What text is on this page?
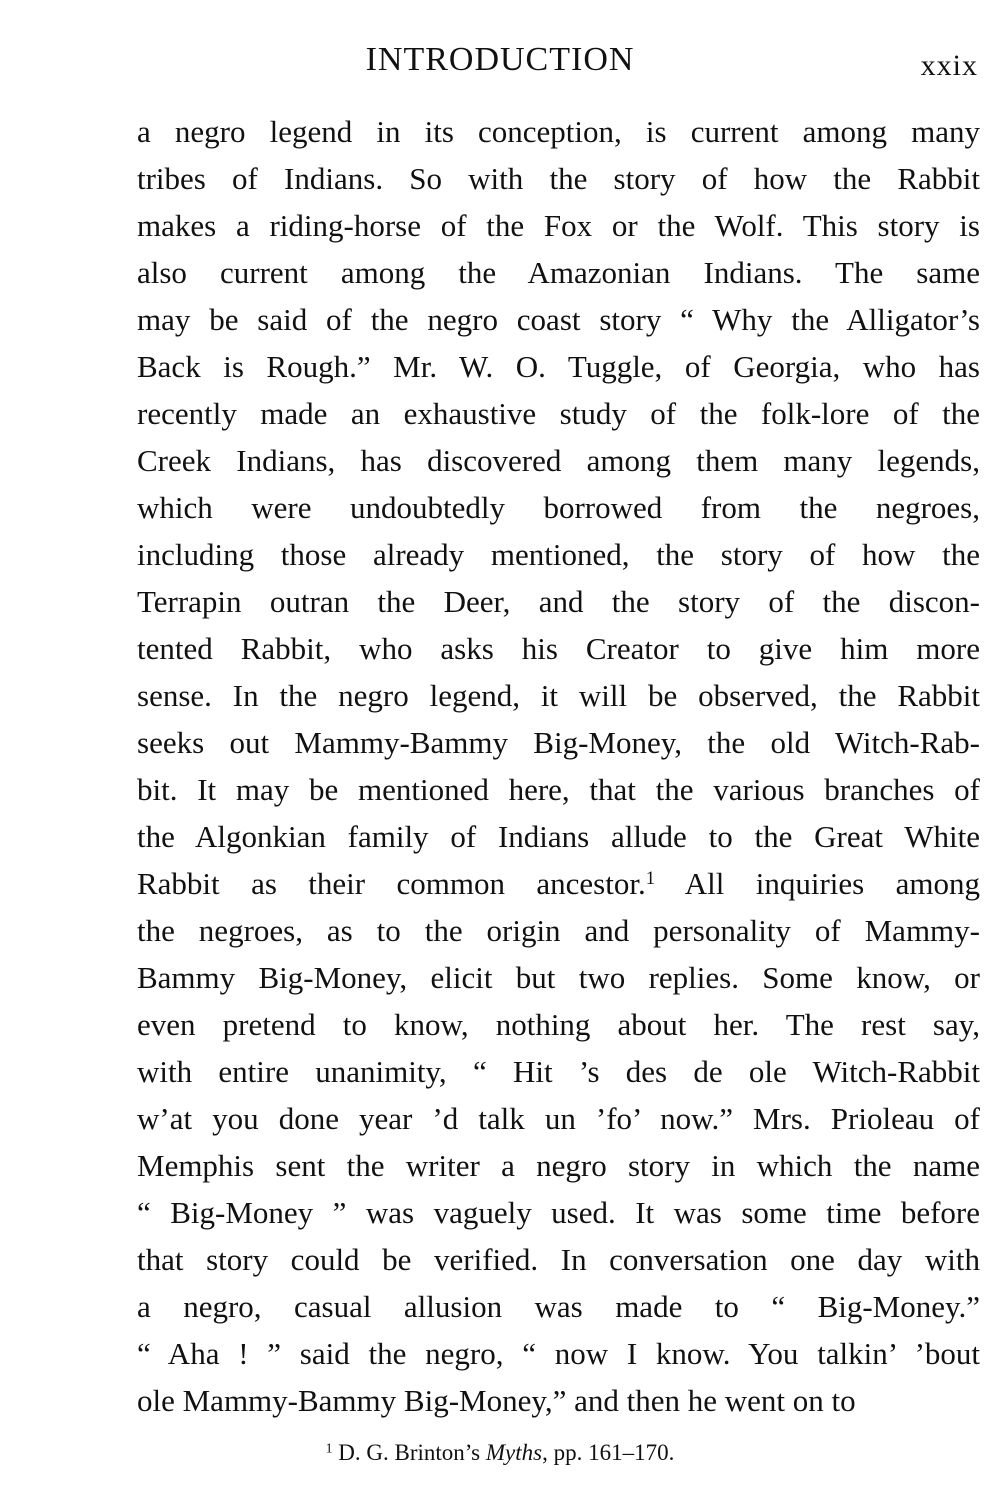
INTRODUCTION	xxix
a negro legend in its conception, is current among many
tribes of Indians. So with the story of how the Rabbit
makes a riding-horse of the Fox or the Wolf. This story is
also current among the Amazonian Indians. The same
may be said of the negro coast story “ Why the Alligator’s
Back is Rough.” Mr. W. O. Tuggle, of Georgia, who has
recently made an exhaustive study of the folk-lore of the
Creek Indians, has discovered among them many legends,
which were undoubtedly borrowed from the negroes,
including those already mentioned, the story of how the
Terrapin outran the Deer, and the story of the discon-
tented Rabbit, who asks his Creator to give him more
sense. In the negro legend, it will be observed, the Rabbit
seeks out Mammy-Bammy Big-Money, the old Witch-Rab-
bit. It may be mentioned here, that the various branches of
the Algonkian family of Indians allude to the Great White
Rabbit as their common ancestor.$^1$ All inquiries among
the negroes, as to the origin and personality of Mammy-
Bammy Big-Money, elicit but two replies. Some know, or
even pretend to know, nothing about her. The rest say,
with entire unanimity, “ Hit ’s des de ole Witch-Rabbit
w’at you done year ’d talk un ’fo’ now.” Mrs. Prioleau of
Memphis sent the writer a negro story in which the name
“ Big-Money ” was vaguely used. It was some time before
that story could be verified. In conversation one day with
a negro, casual allusion was made to “ Big-Money.”
“ Aha ! ” said the negro, “ now I know. You talkin’ ’bout
ole Mammy-Bammy Big-Money,” and then he went on to
$^1$ D. G. Brinton’s Myths, pp. 161–170.
